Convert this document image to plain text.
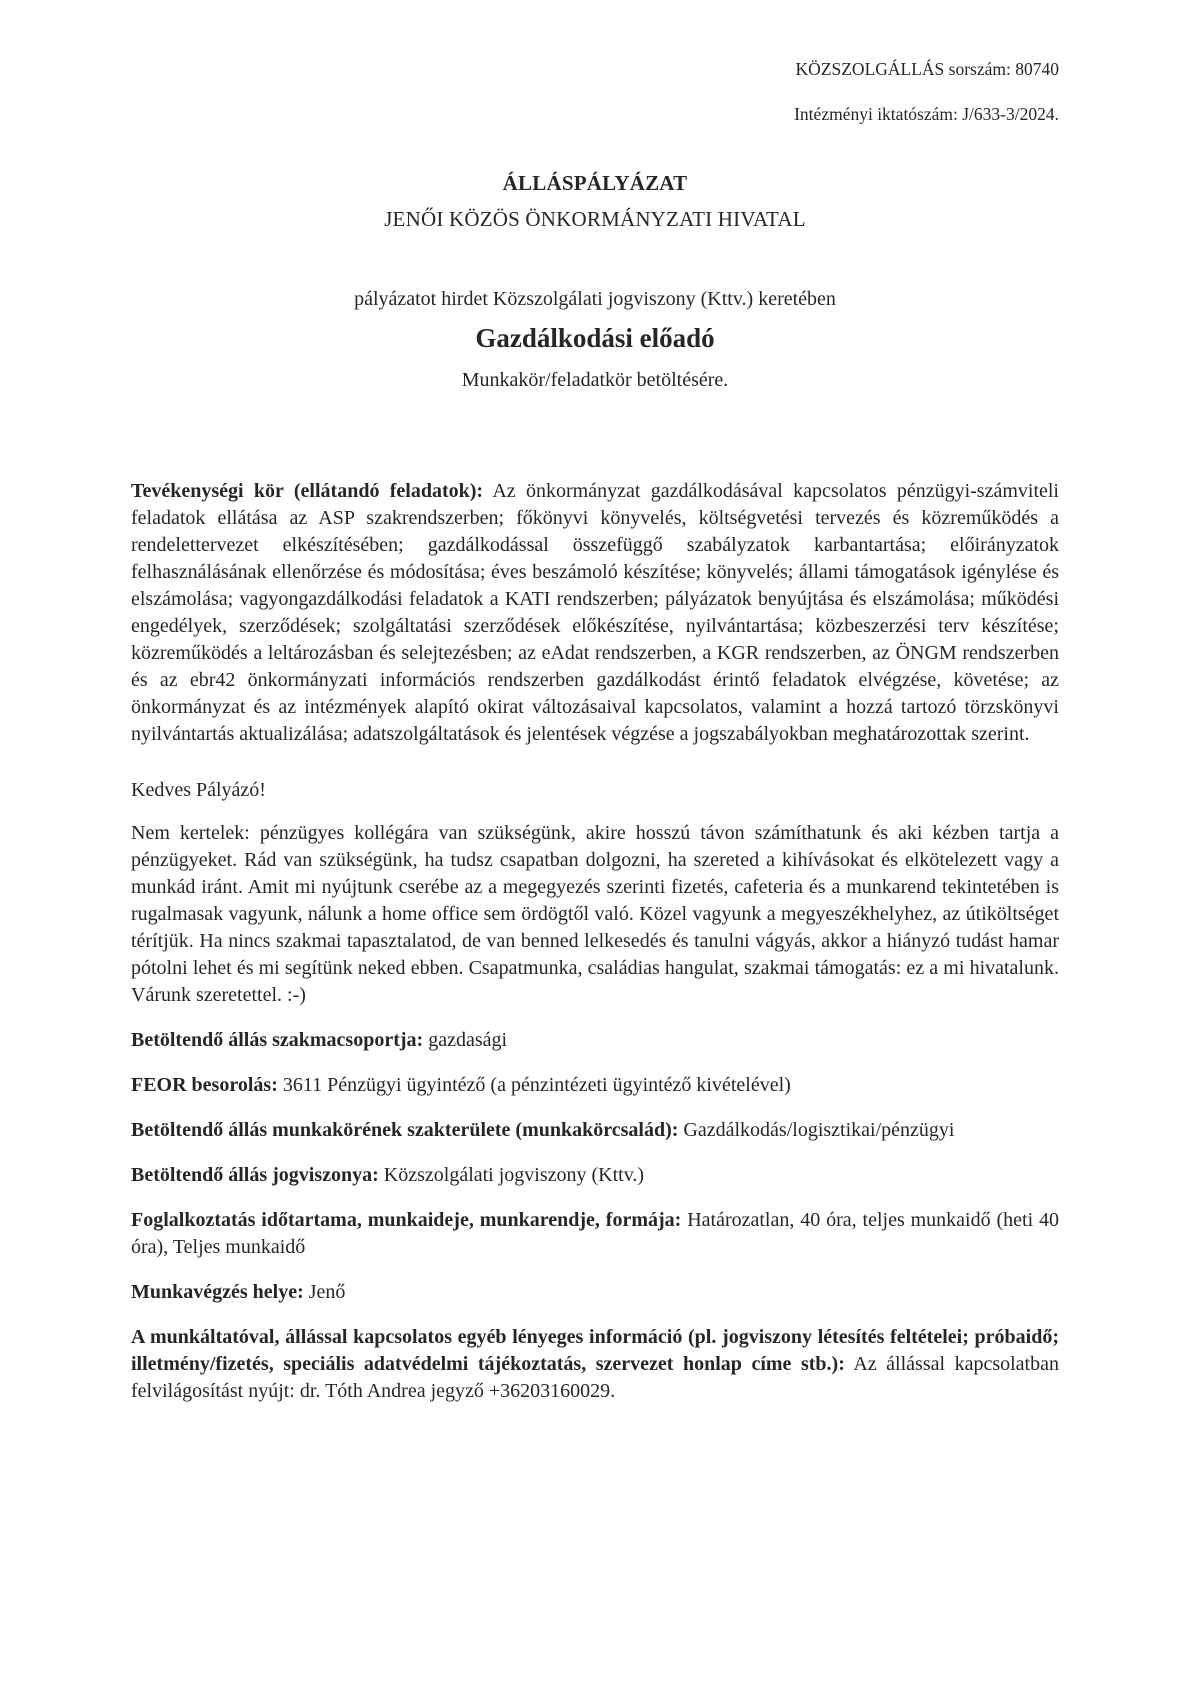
KÖZSZOLGÁLLÁS sorszám: 80740

Intézményi iktatószám: J/633-3/2024.

ÁLLÁSPÁLYÁZAT

JENŐI KÖZÖS ÖNKORMÁNYZATI HIVATAL

pályázatot hirdet Közszolgálati jogviszony (Kttv.) keretében

Gazdálkodási előadó

Munkakör/feladatkör betöltésére.

Tevékenységi kör (ellátandó feladatok): Az önkormányzat gazdálkodásával kapcsolatos pénzügyi-számviteli feladatok ellátása az ASP szakrendszerben; főkönyvi könyvelés, költségvetési tervezés és közreműködés a rendelettervezet elkészítésében; gazdálkodással összefüggő szabályzatok karbantartása; előirányzatok felhasználásának ellenőrzése és módosítása; éves beszámoló készítése; könyvelés; állami támogatások igénylése és elszámolása; vagyongazdálkodási feladatok a KATI rendszerben; pályázatok benyújtása és elszámolása; működési engedélyek, szerződések; szolgáltatási szerződések előkészítése, nyilvántartása; közbeszerzési terv készítése; közreműködés a leltározásban és selejtezésben; az eAdat rendszerben, a KGR rendszerben, az ÖNGM rendszerben és az ebr42 önkormányzati információs rendszerben gazdálkodást érintő feladatok elvégzése, követése; az önkormányzat és az intézmények alapító okirat változásaival kapcsolatos, valamint a hozzá tartozó törzskönyvi nyilvántartás aktualizálása; adatszolgáltatások és jelentések végzése a jogszabályokban meghatározottak szerint.

Kedves Pályázó!

Nem kertelek: pénzügyes kollégára van szükségünk, akire hosszú távon számíthatunk és aki kézben tartja a pénzügyeket. Rád van szükségünk, ha tudsz csapatban dolgozni, ha szereted a kihívásokat és elkötelezett vagy a munkád iránt. Amit mi nyújtunk cserébe az a megegyezés szerinti fizetés, cafeteria és a munkarend tekintetében is rugalmasak vagyunk, nálunk a home office sem ördögtől való. Közel vagyunk a megyeszékhelyhez, az útiköltséget térítjük. Ha nincs szakmai tapasztalatod, de van benned lelkesedés és tanulni vágyás, akkor a hiányzó tudást hamar pótolni lehet és mi segítünk neked ebben. Csapatmunka, családias hangulat, szakmai támogatás: ez a mi hivatalunk. Várunk szeretettel. :-)

Betöltendő állás szakmacsoportja: gazdasági

FEOR besorolás: 3611 Pénzügyi ügyintéző (a pénzintézeti ügyintéző kivételével)

Betöltendő állás munkakörének szakterülete (munkakörcsalád): Gazdálkodás/logisztikai/pénzügyi

Betöltendő állás jogviszonya: Közszolgálati jogviszony (Kttv.)

Foglalkoztatás időtartama, munkaideje, munkarendje, formája: Határozatlan, 40 óra, teljes munkaidő (heti 40 óra), Teljes munkaidő

Munkavégzés helye: Jenő

A munkáltatóval, állással kapcsolatos egyéb lényeges információ (pl. jogviszony létesítés feltételei; próbaidő; illetmény/fizetés, speciális adatvédelmi tájékoztatás, szervezet honlap címe stb.): Az állással kapcsolatban felvilágosítást nyújt: dr. Tóth Andrea jegyző +36203160029.
